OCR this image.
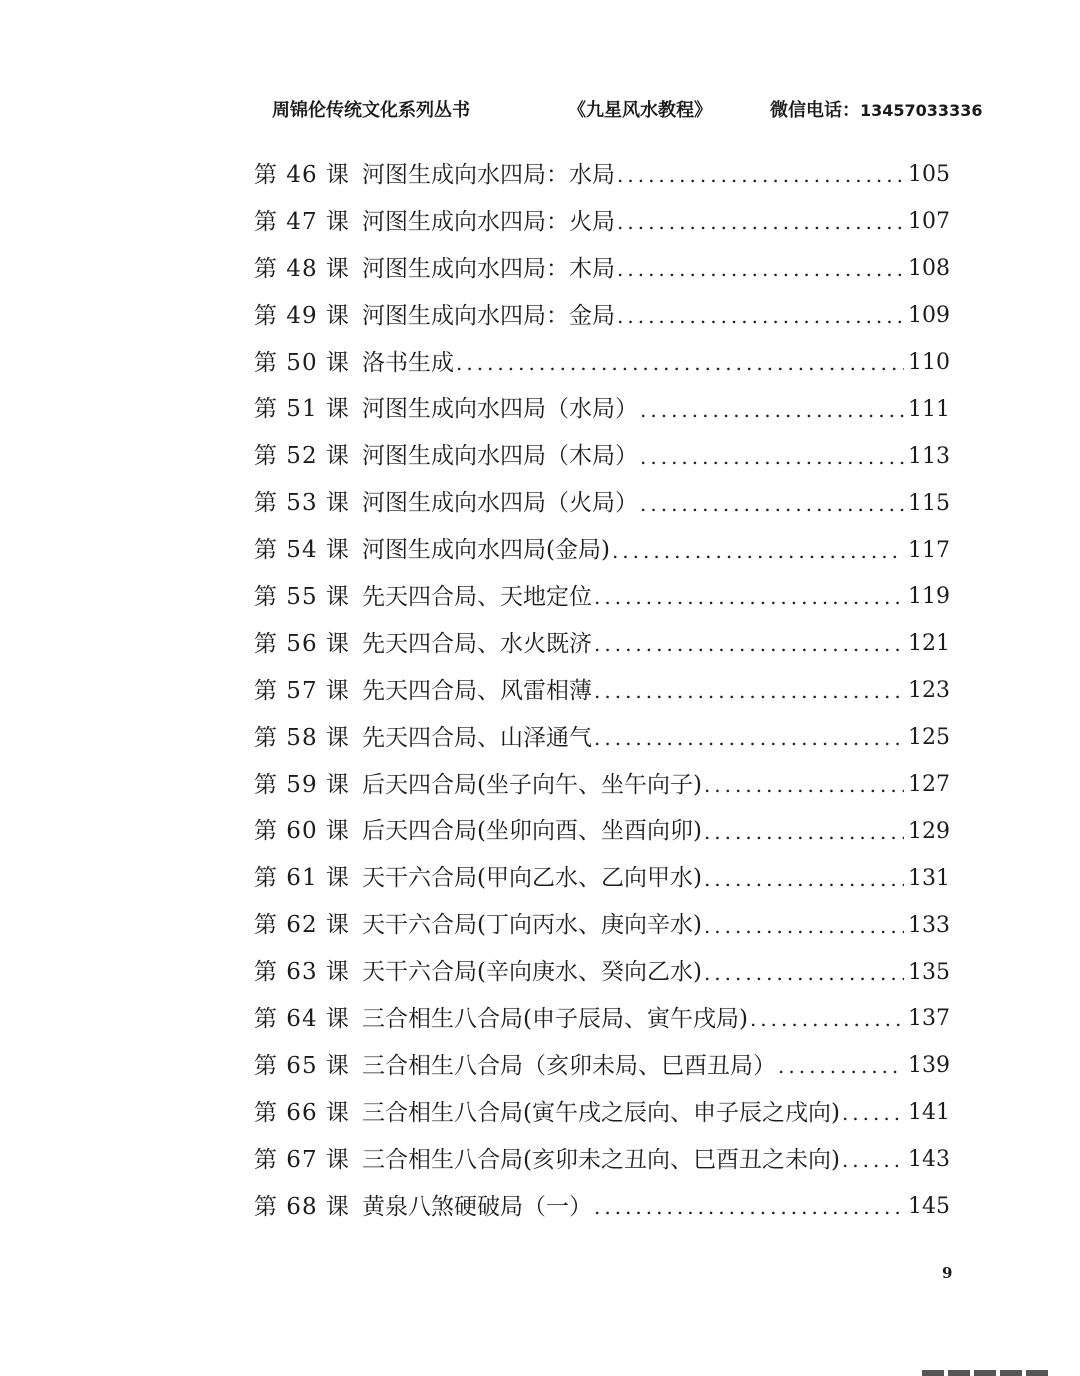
周锦伦传统文化系列丛书	《九星风水教程》	微信电话：13457033336
第 46 课 河图生成向水四局：水局 .....	105
第 47 课 河图生成向水四局：火局 .....	107
第 48 课 河图生成向水四局：木局 .....	108
第 49 课 河图生成向水四局：金局 .....	109
第 50 课 洛书生成 .....	110
第 51 课 河图生成向水四局（水局） .....	111
第 52 课 河图生成向水四局（木局） .....	113
第 53 课 河图生成向水四局（火局） .....	115
第 54 课 河图生成向水四局(金局) .....	117
第 55 课 先天四合局、天地定位 .....	119
第 56 课 先天四合局、水火既济 .....	121
第 57 课 先天四合局、风雷相薄 .....	123
第 58 课 先天四合局、山泽通气 .....	125
第 59 课 后天四合局(坐子向午、坐午向子) .....	127
第 60 课 后天四合局(坐卯向酉、坐酉向卯) .....	129
第 61 课 天干六合局(甲向乙水、乙向甲水) .....	131
第 62 课 天干六合局(丁向丙水、庚向辛水) .....	133
第 63 课 天干六合局(辛向庚水、癸向乙水) .....	135
第 64 课 三合相生八合局(申子辰局、寅午戌局) .....	137
第 65 课 三合相生八合局（亥卯未局、巳酉丑局） .....	139
第 66 课 三合相生八合局(寅午戌之辰向、申子辰之戌向) .....	141
第 67 课 三合相生八合局(亥卯未之丑向、巳酉丑之未向) .....	143
第 68 课 黄泉八煞硬破局（一） .....	145
9
